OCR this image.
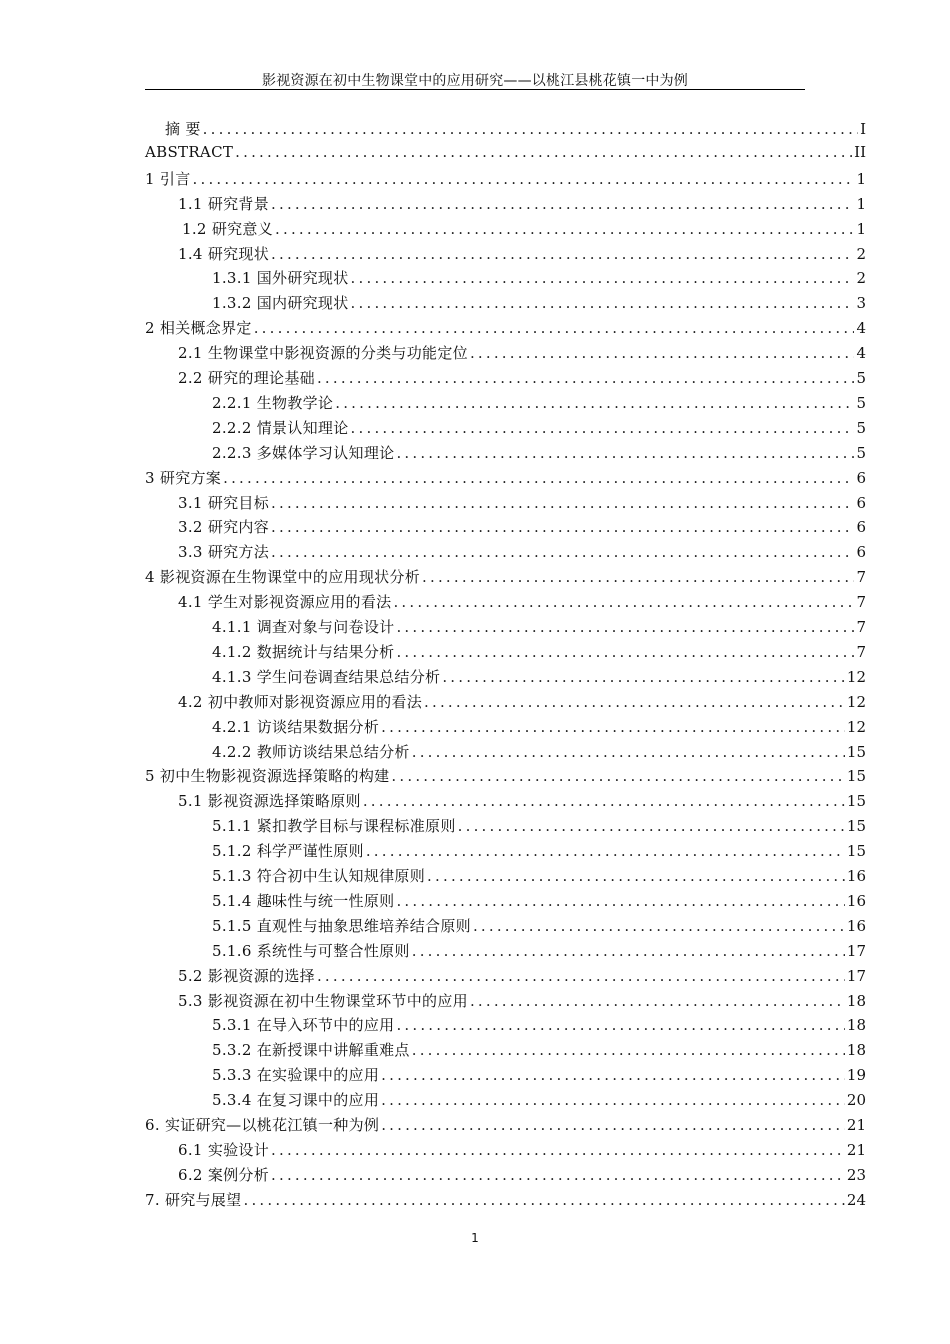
影视资源在初中生物课堂中的应用研究——以桃江县桃花镇一中为例
摘 要 .....	I
ABSTRACT .....	II
1 引言 .....	1
1.1 研究背景 .....	1
1.2 研究意义 .....	1
1.4 研究现状 .....	2
1.3.1 国外研究现状 .....	2
1.3.2 国内研究现状 .....	3
2 相关概念界定 .....	4
2.1 生物课堂中影视资源的分类与功能定位 .....	4
2.2 研究的理论基础 .....	5
2.2.1 生物教学论 .....	5
2.2.2 情景认知理论 .....	5
2.2.3 多媒体学习认知理论 .....	5
3 研究方案 .....	6
3.1 研究目标 .....	6
3.2 研究内容 .....	6
3.3 研究方法 .....	6
4 影视资源在生物课堂中的应用现状分析 .....	7
4.1 学生对影视资源应用的看法 .....	7
4.1.1 调查对象与问卷设计 .....	7
4.1.2 数据统计与结果分析 .....	7
4.1.3 学生问卷调查结果总结分析 .....	12
4.2 初中教师对影视资源应用的看法 .....	12
4.2.1 访谈结果数据分析 .....	12
4.2.2 教师访谈结果总结分析 .....	15
5 初中生物影视资源选择策略的构建 .....	15
5.1 影视资源选择策略原则 .....	15
5.1.1 紧扣教学目标与课程标准原则 .....	15
5.1.2 科学严谨性原则 .....	15
5.1.3 符合初中生认知规律原则 .....	16
5.1.4 趣味性与统一性原则 .....	16
5.1.5 直观性与抽象思维培养结合原则 .....	16
5.1.6 系统性与可整合性原则 .....	17
5.2 影视资源的选择 .....	17
5.3 影视资源在初中生物课堂环节中的应用 .....	18
5.3.1 在导入环节中的应用 .....	18
5.3.2 在新授课中讲解重难点 .....	18
5.3.3 在实验课中的应用 .....	19
5.3.4 在复习课中的应用 .....	20
6. 实证研究—以桃花江镇一种为例 .....	21
6.1 实验设计 .....	21
6.2 案例分析 .....	23
7. 研究与展望 .....	24
1
